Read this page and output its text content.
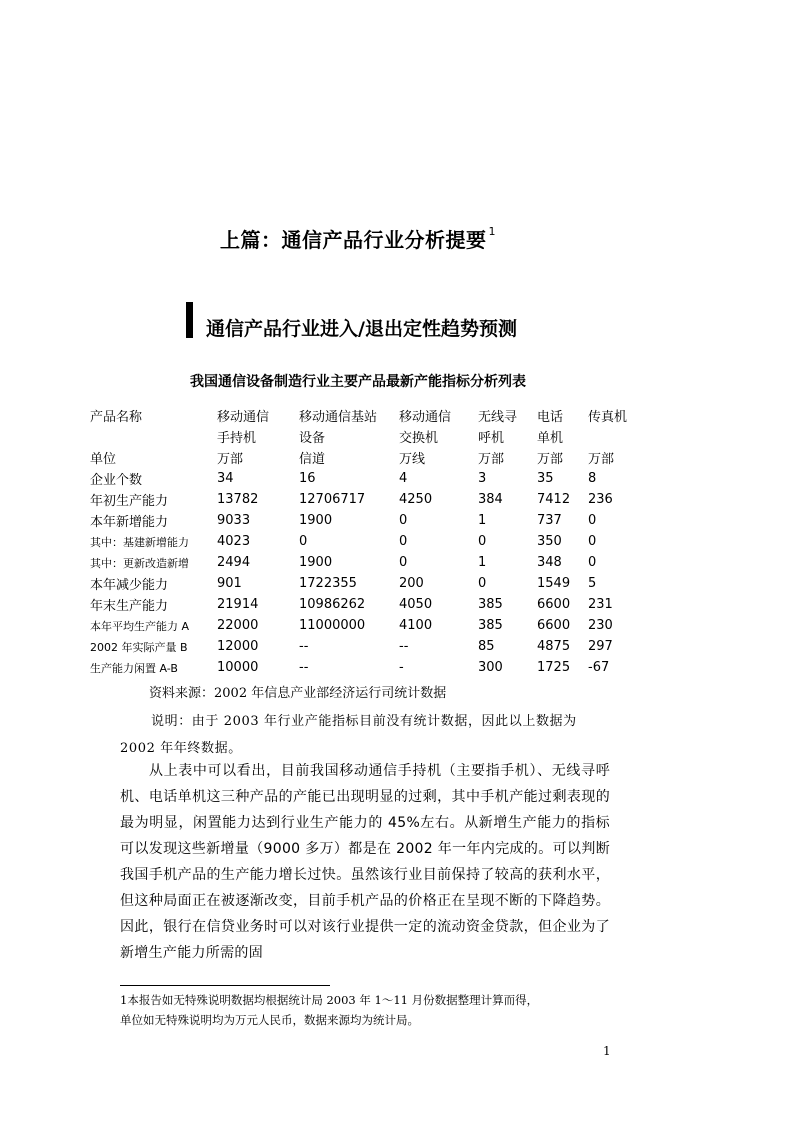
上篇：通信产品行业分析提要 $^1$
通信产品行业进入/退出定性趋势预测
我国通信设备制造行业主要产品最新产能指标分析列表
产品名称	移动通信	移动通信基站	移动通信	无线寻	电话	传真机
	手持机	设备	交换机	呼机	单机	
单位	万部	信道	万线	万部	万部	万部
企业个数	34	16	4	3	35	8
年初生产能力	13782	12706717	4250	384	7412	236
本年新增能力	9033	1900	0	1	737	0
其中：基建新增能力	4023	0	0	0	350	0
其中：更新改造新增	2494	1900	0	1	348	0
本年减少能力	901	1722355	200	0	1549	5
年末生产能力	21914	10986262	4050	385	6600	231
本年平均生产能力 A	22000	11000000	4100	385	6600	230
2002 年实际产量 B	12000	--	--	85	4875	297
生产能力闲置 A-B	10000	--	-	300	1725	-67
资料来源：2002 年信息产业部经济运行司统计数据
说明：由于 2003 年行业产能指标目前没有统计数据，因此以上数据为 2002 年年终数据。
从上表中可以看出，目前我国移动通信手持机（主要指手机）、无线寻呼机、电话单机这三种产品的产能已出现明显的过剩，其中手机产能过剩表现的最为明显，闲置能力达到行业生产能力的 45%左右。从新增生产能力的指标可以发现这些新增量（9000 多万）都是在 2002 年一年内完成的。可以判断我国手机产品的生产能力增长过快。虽然该行业目前保持了较高的获利水平，但这种局面正在被逐渐改变，目前手机产品的价格正在呈现不断的下降趋势。因此，银行在信贷业务时可以对该行业提供一定的流动资金贷款，但企业为了新增生产能力所需的固
1本报告如无特殊说明数据均根据统计局 2003 年 1～11 月份数据整理计算而得，
单位如无特殊说明均为万元人民币，数据来源均为统计局。
1
